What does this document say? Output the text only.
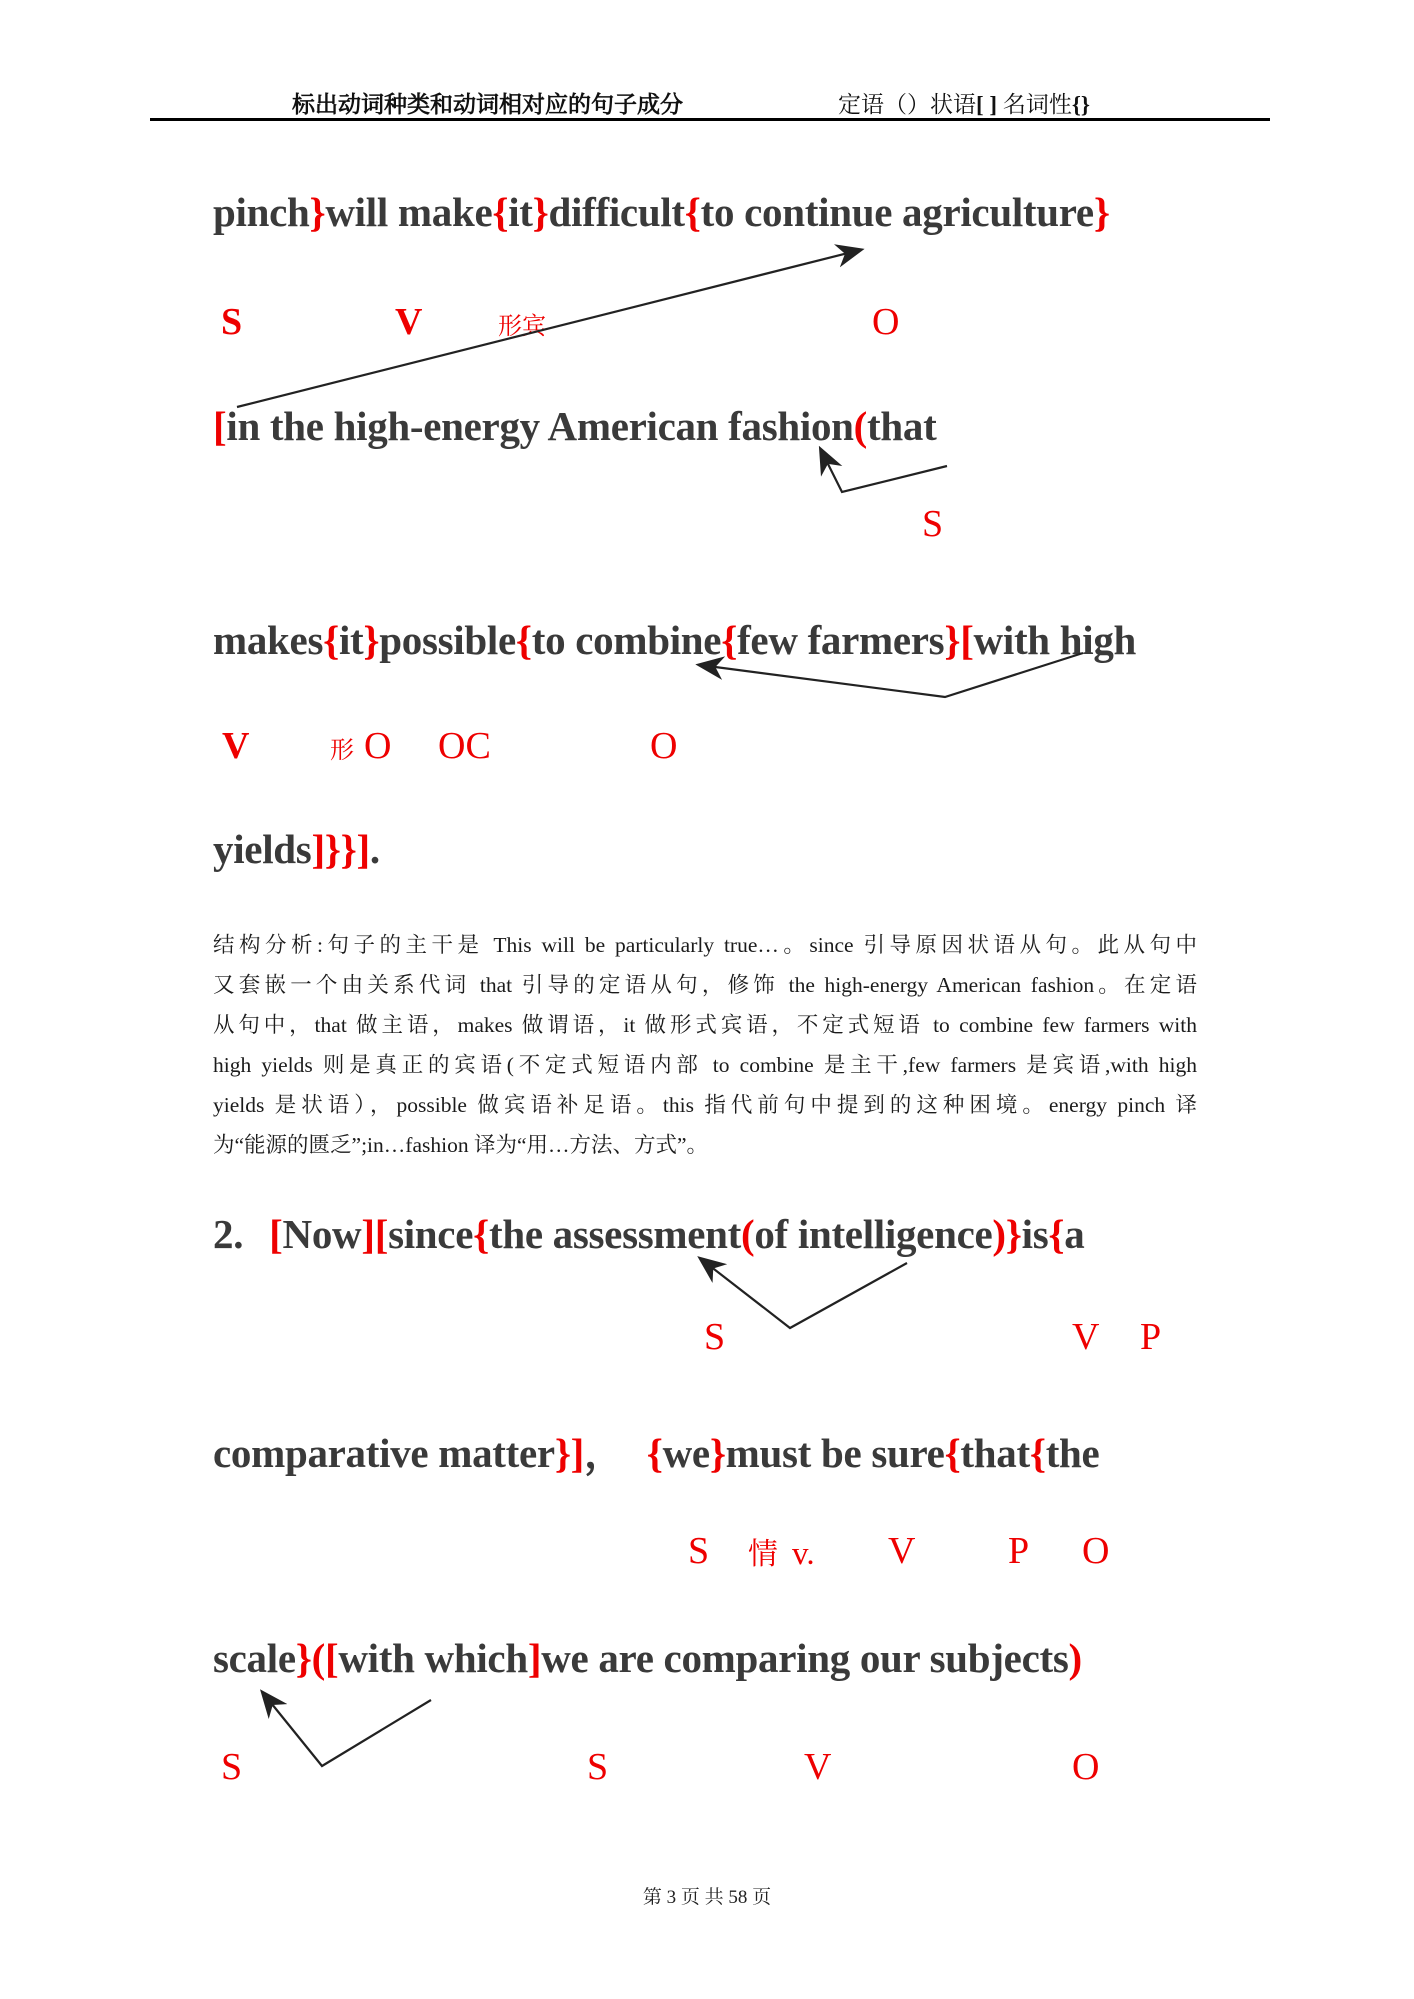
标出动词种类和动词相对应的句子成分	定语（）状语[ ] 名词性{}
pinch}will make{it}difficult{to continue agriculture}
S	V	形宾	O
[in the high-energy American fashion(that
S
makes{it}possible{to combine{few farmers}[with high
V	形 O OC	O
yields]}}].
结构分析:句子的主干是 This will be particularly true…。since 引导原因状语从句。此从句中
又套嵌一个由关系代词 that 引导的定语从句，修饰 the high-energy American fashion。在定语
从句中，that 做主语，makes 做谓语，it 做形式宾语，不定式短语 to combine few farmers with
high yields 则是真正的宾语(不定式短语内部 to combine 是主干,few farmers 是宾语,with high
yields 是状语），possible 做宾语补足语。this 指代前句中提到的这种困境。energy pinch 译
为“能源的匮乏”;in…fashion 译为“用…方法、方式”。
2. [Now][since{the assessment(of intelligence)}is{a
S	V P
comparative matter}]， {we}must be sure{that{the
S 情 v. V P O
scale}([with which]we are comparing our subjects)
S	S	V	O
第 3 页 共 58 页
